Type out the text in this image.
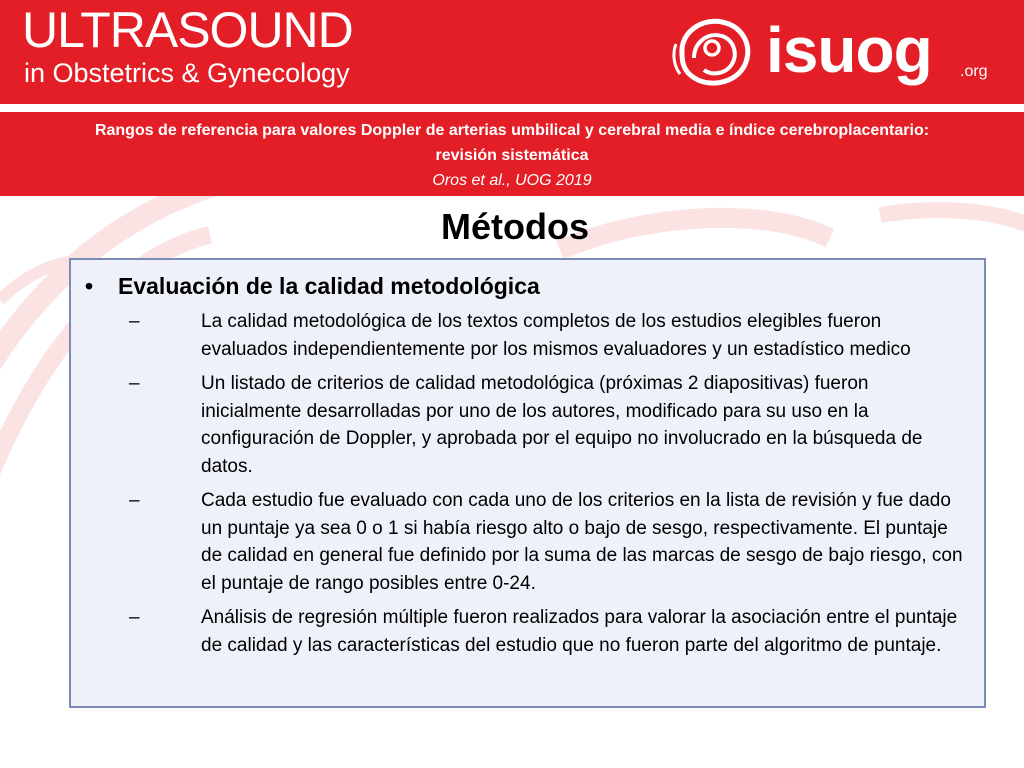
ULTRASOUND
in Obstetrics & Gynecology	isuog .org
Rangos de referencia para valores Doppler de arterias umbilical y cerebral media e índice cerebroplacentario: revisión sistemática
Oros et al., UOG 2019
Métodos
•	Evaluación de la calidad metodológica
–	La calidad metodológica de los textos completos de los estudios elegibles fueron evaluados independientemente por los mismos evaluadores y un estadístico medico
–	Un listado de criterios de calidad metodológica (próximas 2 diapositivas) fueron inicialmente desarrolladas por uno de los autores, modificado para su uso en la configuración de Doppler, y aprobada por el equipo no involucrado en la búsqueda de datos.
–	Cada estudio fue evaluado con cada uno de los criterios en la lista de revisión y fue dado un puntaje ya sea 0 o 1 si había riesgo alto o bajo de sesgo, respectivamente. El puntaje de calidad en general fue definido por la suma de las marcas de sesgo de bajo riesgo, con el puntaje de rango posibles entre 0-24.
–	Análisis de regresión múltiple fueron realizados para valorar la asociación entre el puntaje de calidad y las características del estudio que no fueron parte del algoritmo de puntaje.
